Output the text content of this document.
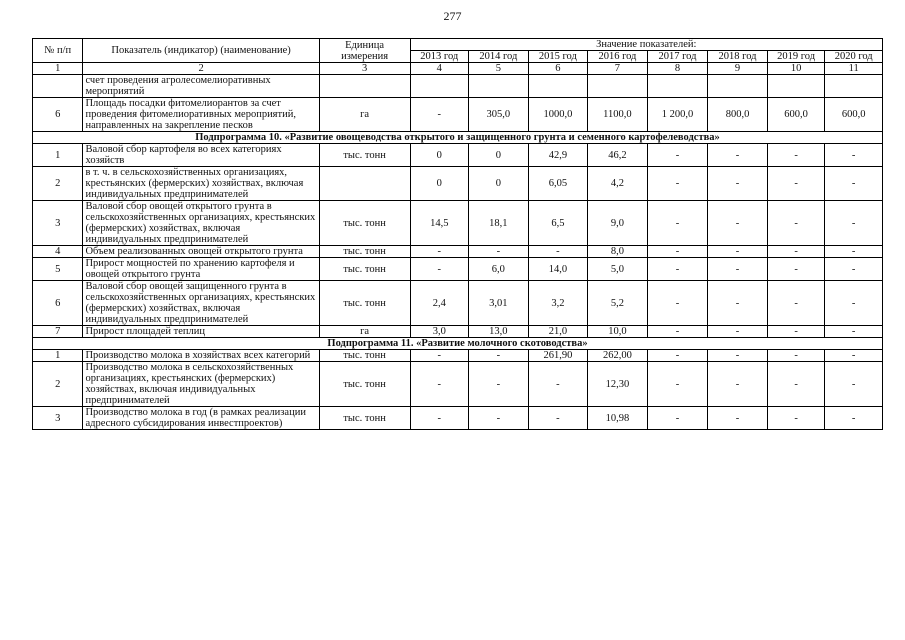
277
№ п/п	Показатель (индикатор) (наименование)	Единица измерения	Значение показателей:							
			2013 год	2014 год	2015 год	2016 год	2017 год	2018 год	2019 год	2020 год
1	2	3	4	5	6	7	8	9	10	11
	счет проведения агролесомелиоративных мероприятий									
6	Площадь посадки фитомелиорантов за счет проведения фитомелиоративных мероприятий, направленных на закрепление песков	га	-	305,0	1000,0	1100,0	1 200,0	800,0	600,0	600,0
Подпрограмма 10. «Развитие овощеводства открытого и защищенного грунта и семенного картофелеводства»										
1	Валовой сбор картофеля во всех категориях хозяйств	тыс. тонн	0	0	42,9	46,2	-	-	-	-
2	в т. ч. в сельскохозяйственных организациях, крестьянских (фермерских) хозяйствах, включая индивидуальных предпринимателей		0	0	6,05	4,2	-	-	-	-
3	Валовой сбор овощей открытого грунта в сельскохозяйственных организациях, крестьянских (фермерских) хозяйствах, включая индивидуальных предпринимателей	тыс. тонн	14,5	18,1	6,5	9,0	-	-	-	-
4	Объем реализованных овощей открытого грунта	тыс. тонн	-	-	-	8,0	-	-	-	-
5	Прирост мощностей по хранению картофеля и овощей открытого грунта	тыс. тонн	-	6,0	14,0	5,0	-	-	-	-
6	Валовой сбор овощей защищенного грунта в сельскохозяйственных организациях, крестьянских (фермерских) хозяйствах, включая индивидуальных предпринимателей	тыс. тонн	2,4	3,01	3,2	5,2	-	-	-	-
7	Прирост площадей теплиц	га	3,0	13,0	21,0	10,0	-	-	-	-
Подпрограмма 11. «Развитие молочного скотоводства»										
1	Производство молока в хозяйствах всех категорий	тыс. тонн	-	-	261,90	262,00	-	-	-	-
2	Производство молока в сельскохозяйственных организациях, крестьянских (фермерских) хозяйствах, включая индивидуальных предпринимателей	тыс. тонн	-	-	-	12,30	-	-	-	-
3	Производство молока в год (в рамках реализации адресного субсидирования инвестпроектов)	тыс. тонн	-	-	-	10,98	-	-	-	-
